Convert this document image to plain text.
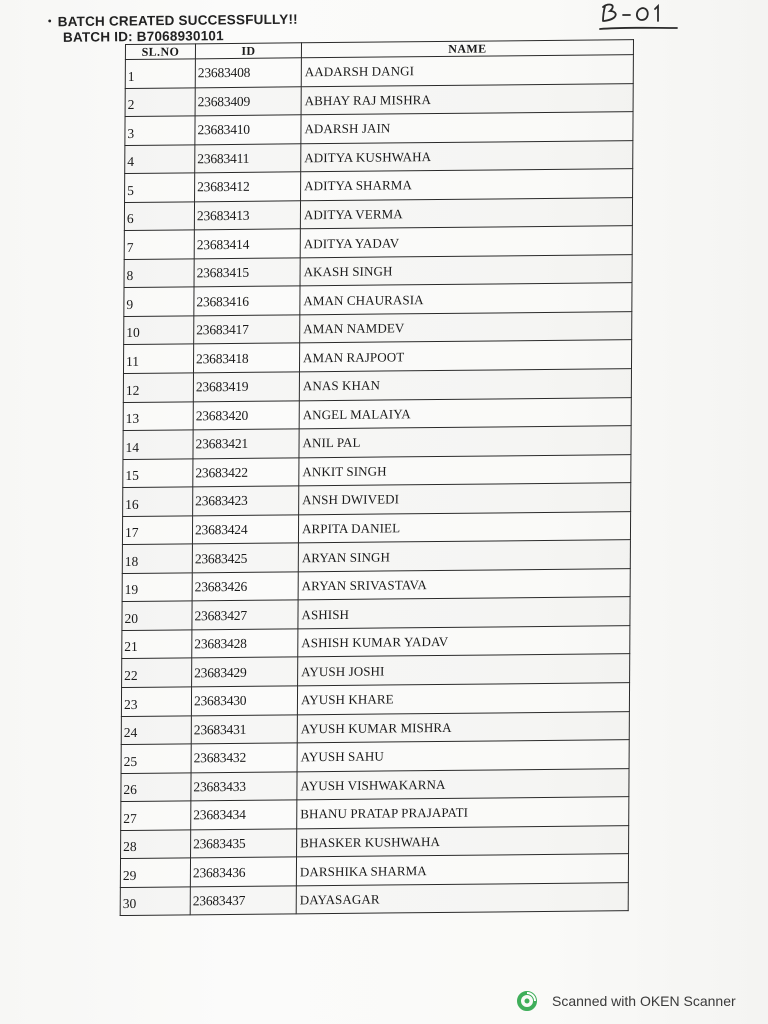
• BATCH CREATED SUCCESSFULLY!!
BATCH ID: B7068930101
SL.NO	ID	NAME
1	23683408	AADARSH DANGI
2	23683409	ABHAY RAJ MISHRA
3	23683410	ADARSH JAIN
4	23683411	ADITYA KUSHWAHA
5	23683412	ADITYA SHARMA
6	23683413	ADITYA VERMA
7	23683414	ADITYA YADAV
8	23683415	AKASH SINGH
9	23683416	AMAN CHAURASIA
10	23683417	AMAN NAMDEV
11	23683418	AMAN RAJPOOT
12	23683419	ANAS KHAN
13	23683420	ANGEL MALAIYA
14	23683421	ANIL PAL
15	23683422	ANKIT SINGH
16	23683423	ANSH DWIVEDI
17	23683424	ARPITA DANIEL
18	23683425	ARYAN SINGH
19	23683426	ARYAN SRIVASTAVA
20	23683427	ASHISH
21	23683428	ASHISH KUMAR YADAV
22	23683429	AYUSH JOSHI
23	23683430	AYUSH KHARE
24	23683431	AYUSH KUMAR MISHRA
25	23683432	AYUSH SAHU
26	23683433	AYUSH VISHWAKARNA
27	23683434	BHANU PRATAP PRAJAPATI
28	23683435	BHASKER KUSHWAHA
29	23683436	DARSHIKA SHARMA
30	23683437	DAYASAGAR
Scanned with OKEN Scanner
